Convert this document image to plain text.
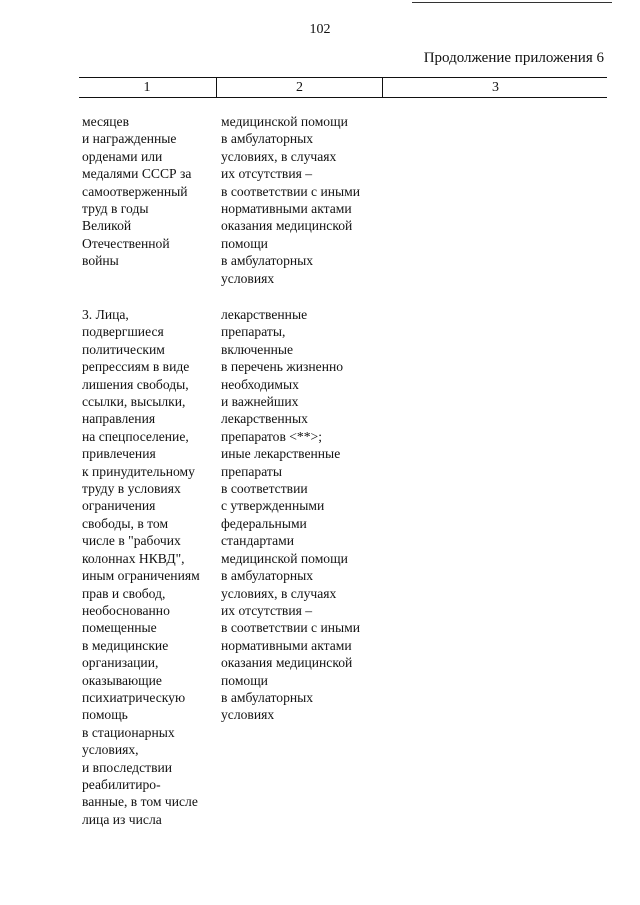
102
Продолжение приложения 6
1	2	3
месяцев
и награжденные
орденами или
медалями СССР за
самоотверженный
труд в годы
Великой
Отечественной
войны
медицинской помощи
в амбулаторных
условиях, в случаях
их отсутствия –
в соответствии с иными
нормативными актами
оказания медицинской
помощи
в амбулаторных
условиях
3. Лица,
подвергшиеся
политическим
репрессиям в виде
лишения свободы,
ссылки, высылки,
направления
на спецпоселение,
привлечения
к принудительному
труду в условиях
ограничения
свободы, в том
числе в "рабочих
колоннах НКВД",
иным ограничениям
прав и свобод,
необоснованно
помещенные
в медицинские
организации,
оказывающие
психиатрическую
помощь
в стационарных
условиях,
и впоследствии
реабилитиро-
ванные, в том числе
лица из числа
лекарственные
препараты,
включенные
в перечень жизненно
необходимых
и важнейших
лекарственных
препаратов <**>;
иные лекарственные
препараты
в соответствии
с утвержденными
федеральными
стандартами
медицинской помощи
в амбулаторных
условиях, в случаях
их отсутствия –
в соответствии с иными
нормативными актами
оказания медицинской
помощи
в амбулаторных
условиях
